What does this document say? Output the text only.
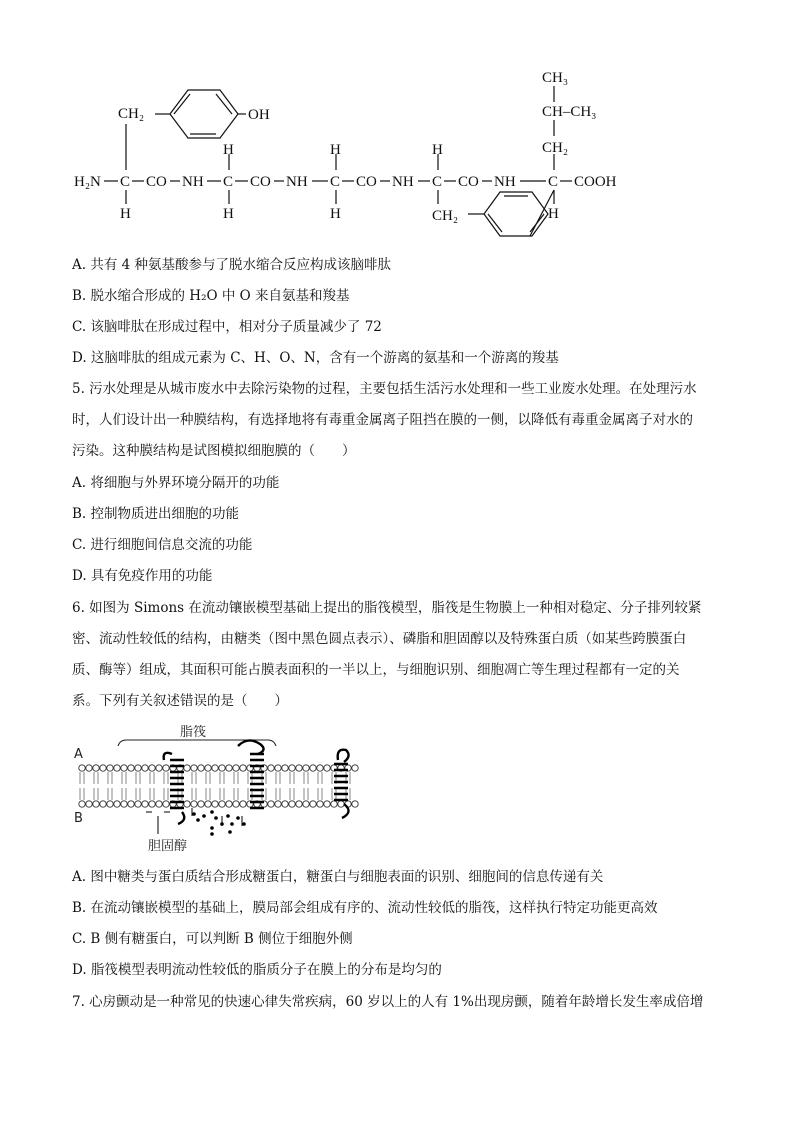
CH₃
CH–CH₃
CH₂
CH₂	OH
H	H	H
H₂N C CO NH C CO NH C CO NH C CO NH C COOH
H	H	H	CH₂	H
A. 共有 4 种氨基酸参与了脱水缩合反应构成该脑啡肽
B. 脱水缩合形成的 H₂O 中 O 来自氨基和羧基
C. 该脑啡肽在形成过程中，相对分子质量减少了 72
D. 这脑啡肽的组成元素为 C、H、O、N，含有一个游离的氨基和一个游离的羧基
5. 污水处理是从城市废水中去除污染物的过程，主要包括生活污水处理和一些工业废水处理。在处理污水
时，人们设计出一种膜结构，有选择地将有毒重金属离子阻挡在膜的一侧，以降低有毒重金属离子对水的
污染。这种膜结构是试图模拟细胞膜的（　　）
A. 将细胞与外界环境分隔开的功能
B. 控制物质进出细胞的功能
C. 进行细胞间信息交流的功能
D. 具有免疫作用的功能
6. 如图为 Simons 在流动镶嵌模型基础上提出的脂筏模型，脂筏是生物膜上一种相对稳定、分子排列较紧
密、流动性较低的结构，由糖类（图中黑色圆点表示）、磷脂和胆固醇以及特殊蛋白质（如某些跨膜蛋白
质、酶等）组成，其面积可能占膜表面积的一半以上，与细胞识别、细胞凋亡等生理过程都有一定的关
系。下列有关叙述错误的是（　　）
脂筏
A
B
胆固醇
A. 图中糖类与蛋白质结合形成糖蛋白，糖蛋白与细胞表面的识别、细胞间的信息传递有关
B. 在流动镶嵌模型的基础上，膜局部会组成有序的、流动性较低的脂筏，这样执行特定功能更高效
C. B 侧有糖蛋白，可以判断 B 侧位于细胞外侧
D. 脂筏模型表明流动性较低的脂质分子在膜上的分布是均匀的
7. 心房颤动是一种常见的快速心律失常疾病，60 岁以上的人有 1%出现房颤，随着年龄增长发生率成倍增
